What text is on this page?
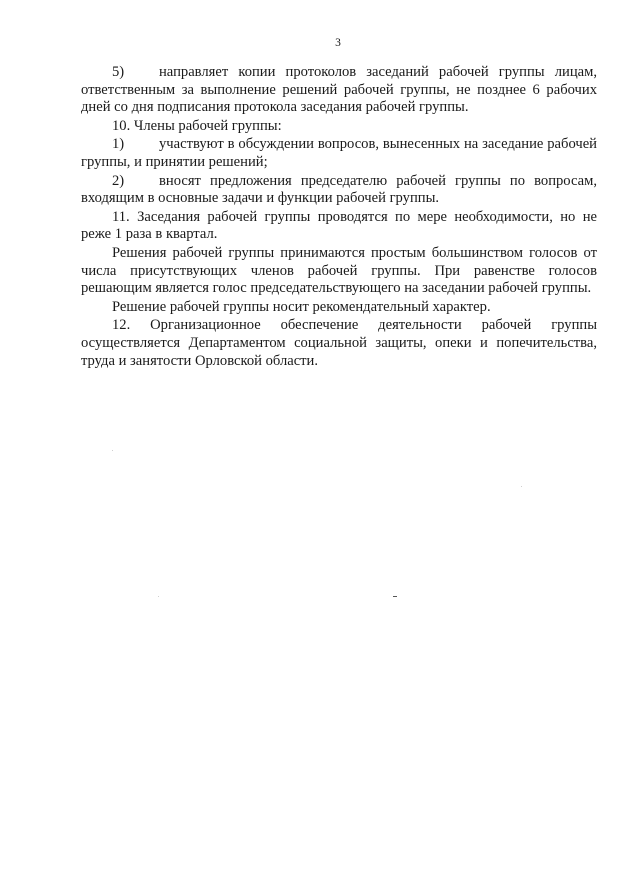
3

5) направляет копии протоколов заседаний рабочей группы лицам, ответственным за выполнение решений рабочей группы, не позднее 6 рабочих дней со дня подписания протокола заседания рабочей группы.

10. Члены рабочей группы:

1) участвуют в обсуждении вопросов, вынесенных на заседание рабочей группы, и принятии решений;

2) вносят предложения председателю рабочей группы по вопросам, входящим в основные задачи и функции рабочей группы.

11. Заседания рабочей группы проводятся по мере необходимости, но не реже 1 раза в квартал.

Решения рабочей группы принимаются простым большинством голосов от числа присутствующих членов рабочей группы. При равенстве голосов решающим является голос председательствующего на заседании рабочей группы.

Решение рабочей группы носит рекомендательный характер.

12. Организационное обеспечение деятельности рабочей группы осуществляется Департаментом социальной защиты, опеки и попечительства, труда и занятости Орловской области.
